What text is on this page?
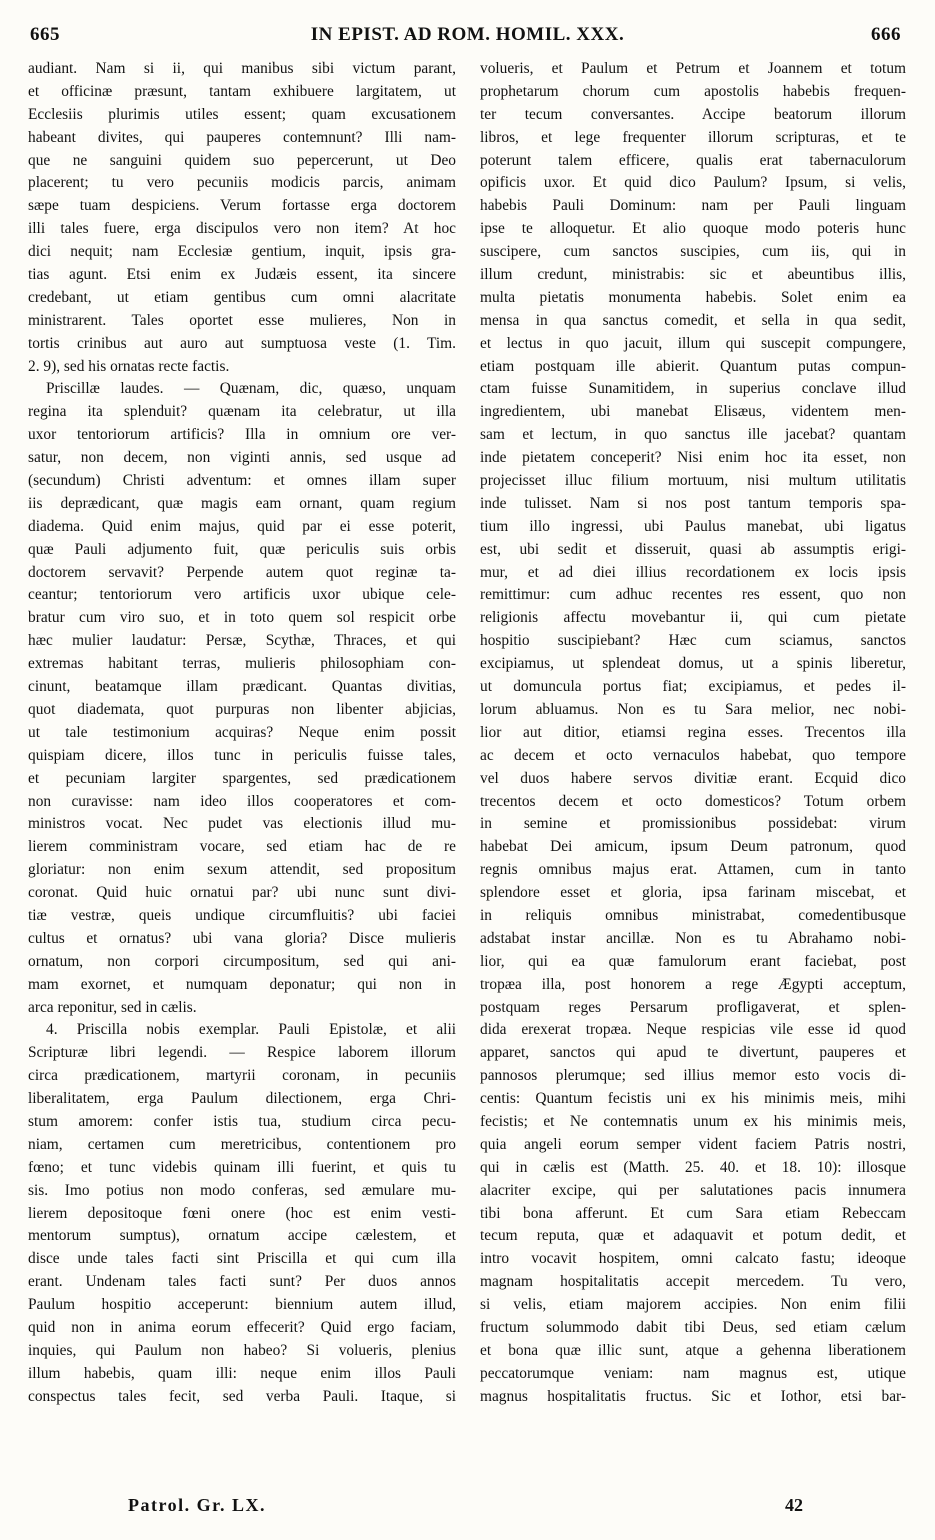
665	IN EPIST. AD ROM. HOMIL. XXX.	666
audiant. Nam si ii, qui manibus sibi victum parant,
et officinæ præsunt, tantam exhibuere largitatem, ut
Ecclesiis plurimis utiles essent; quam excusationem
habeant divites, qui pauperes contemnunt? Illi nam-
que ne sanguini quidem suo pepercerunt, ut Deo
placerent; tu vero pecuniis modicis parcis, animam
sæpe tuam despiciens. Verum fortasse erga doctorem
illi tales fuere, erga discipulos vero non item? At hoc
dici nequit; nam Ecclesiæ gentium, inquit, ipsis gra-
tias agunt. Etsi enim ex Judæis essent, ita sincere
credebant, ut etiam gentibus cum omni alacritate
ministrarent. Tales oportet esse mulieres, Non in
tortis crinibus aut auro aut sumptuosa veste (1. Tim.
2. 9), sed his ornatas recte factis.
Priscillæ laudes. — Quænam, dic, quæso, unquam
regina ita splenduit? quænam ita celebratur, ut illa
uxor tentoriorum artificis? Illa in omnium ore ver-
satur, non decem, non viginti annis, sed usque ad
(secundum) Christi adventum: et omnes illam super
iis deprædicant, quæ magis eam ornant, quam regium
diadema. Quid enim majus, quid par ei esse poterit,
quæ Pauli adjumento fuit, quæ periculis suis orbis
doctorem servavit? Perpende autem quot reginæ ta-
ceantur; tentoriorum vero artificis uxor ubique cele-
bratur cum viro suo, et in toto quem sol respicit orbe
hæc mulier laudatur: Persæ, Scythæ, Thraces, et qui
extremas habitant terras, mulieris philosophiam con-
cinunt, beatamque illam prædicant. Quantas divitias,
quot diademata, quot purpuras non libenter abjicias,
ut tale testimonium acquiras? Neque enim possit
quispiam dicere, illos tunc in periculis fuisse tales,
et pecuniam largiter spargentes, sed prædicationem
non curavisse: nam ideo illos cooperatores et com-
ministros vocat. Nec pudet vas electionis illud mu-
lierem comministram vocare, sed etiam hac de re
gloriatur: non enim sexum attendit, sed propositum
coronat. Quid huic ornatui par? ubi nunc sunt divi-
tiæ vestræ, queis undique circumfluitis? ubi faciei
cultus et ornatus? ubi vana gloria? Disce mulieris
ornatum, non corpori circumpositum, sed qui ani-
mam exornet, et numquam deponatur; qui non in
arca reponitur, sed in cælis.
4. Priscilla nobis exemplar. Pauli Epistolæ, et alii
Scripturæ libri legendi. — Respice laborem illorum
circa prædicationem, martyrii coronam, in pecuniis
liberalitatem, erga Paulum dilectionem, erga Chri-
stum amorem: confer istis tua, studium circa pecu-
niam, certamen cum meretricibus, contentionem pro
fœno; et tunc videbis quinam illi fuerint, et quis tu
sis. Imo potius non modo conferas, sed æmulare mu-
lierem depositoque fœni onere (hoc est enim vesti-
mentorum sumptus), ornatum accipe cælestem, et
disce unde tales facti sint Priscilla et qui cum illa
erant. Undenam tales facti sunt? Per duos annos
Paulum hospitio acceperunt: biennium autem illud,
quid non in anima eorum effecerit? Quid ergo faciam,
inquies, qui Paulum non habeo? Si volueris, plenius
illum habebis, quam illi: neque enim illos Pauli
conspectus tales fecit, sed verba Pauli. Itaque, si
volueris, et Paulum et Petrum et Joannem et totum
prophetarum chorum cum apostolis habebis frequen-
ter tecum conversantes. Accipe beatorum illorum
libros, et lege frequenter illorum scripturas, et te
poterunt talem efficere, qualis erat tabernaculorum
opificis uxor. Et quid dico Paulum? Ipsum, si velis,
habebis Pauli Dominum: nam per Pauli linguam
ipse te alloquetur. Et alio quoque modo poteris hunc
suscipere, cum sanctos suscipies, cum iis, qui in
illum credunt, ministrabis: sic et abeuntibus illis,
multa pietatis monumenta habebis. Solet enim ea
mensa in qua sanctus comedit, et sella in qua sedit,
et lectus in quo jacuit, illum qui suscepit compungere,
etiam postquam ille abierit. Quantum putas compun-
ctam fuisse Sunamitidem, in superius conclave illud
ingredientem, ubi manebat Elisæus, videntem men-
sam et lectum, in quo sanctus ille jacebat? quantam
inde pietatem conceperit? Nisi enim hoc ita esset, non
projecisset illuc filium mortuum, nisi multum utilitatis
inde tulisset. Nam si nos post tantum temporis spa-
tium illo ingressi, ubi Paulus manebat, ubi ligatus
est, ubi sedit et disseruit, quasi ab assumptis erigi-
mur, et ad diei illius recordationem ex locis ipsis
remittimur: cum adhuc recentes res essent, quo non
religionis affectu movebantur ii, qui cum pietate
hospitio suscipiebant? Hæc cum sciamus, sanctos
excipiamus, ut splendeat domus, ut a spinis liberetur,
ut domuncula portus fiat; excipiamus, et pedes il-
lorum abluamus. Non es tu Sara melior, nec nobi-
lior aut ditior, etiamsi regina esses. Trecentos illa
ac decem et octo vernaculos habebat, quo tempore
vel duos habere servos divitiæ erant. Ecquid dico
trecentos decem et octo domesticos? Totum orbem
in semine et promissionibus possidebat: virum
habebat Dei amicum, ipsum Deum patronum, quod
regnis omnibus majus erat. Attamen, cum in tanto
splendore esset et gloria, ipsa farinam miscebat, et
in reliquis omnibus ministrabat, comedentibusque
adstabat instar ancillæ. Non es tu Abrahamo nobi-
lior, qui ea quæ famulorum erant faciebat, post
tropæa illa, post honorem a rege Ægypti acceptum,
postquam reges Persarum profligaverat, et splen-
dida erexerat tropæa. Neque respicias vile esse id quod
apparet, sanctos qui apud te divertunt, pauperes et
pannosos plerumque; sed illius memor esto vocis di-
centis: Quantum fecistis uni ex his minimis meis, mihi
fecistis; et Ne contemnatis unum ex his minimis meis,
quia angeli eorum semper vident faciem Patris nostri,
qui in cælis est (Matth. 25. 40. et 18. 10): illosque
alacriter excipe, qui per salutationes pacis innumera
tibi bona afferunt. Et cum Sara etiam Rebeccam
tecum reputa, quæ et adaquavit et potum dedit, et
intro vocavit hospitem, omni calcato fastu; ideoque
magnam hospitalitatis accepit mercedem. Tu vero,
si velis, etiam majorem accipies. Non enim filii
fructum solummodo dabit tibi Deus, sed etiam cælum
et bona quæ illic sunt, atque a gehenna liberationem
peccatorumque veniam: nam magnus est, utique
magnus hospitalitatis fructus. Sic et Iothor, etsi bar-
Patrol. Gr. LX.	42
